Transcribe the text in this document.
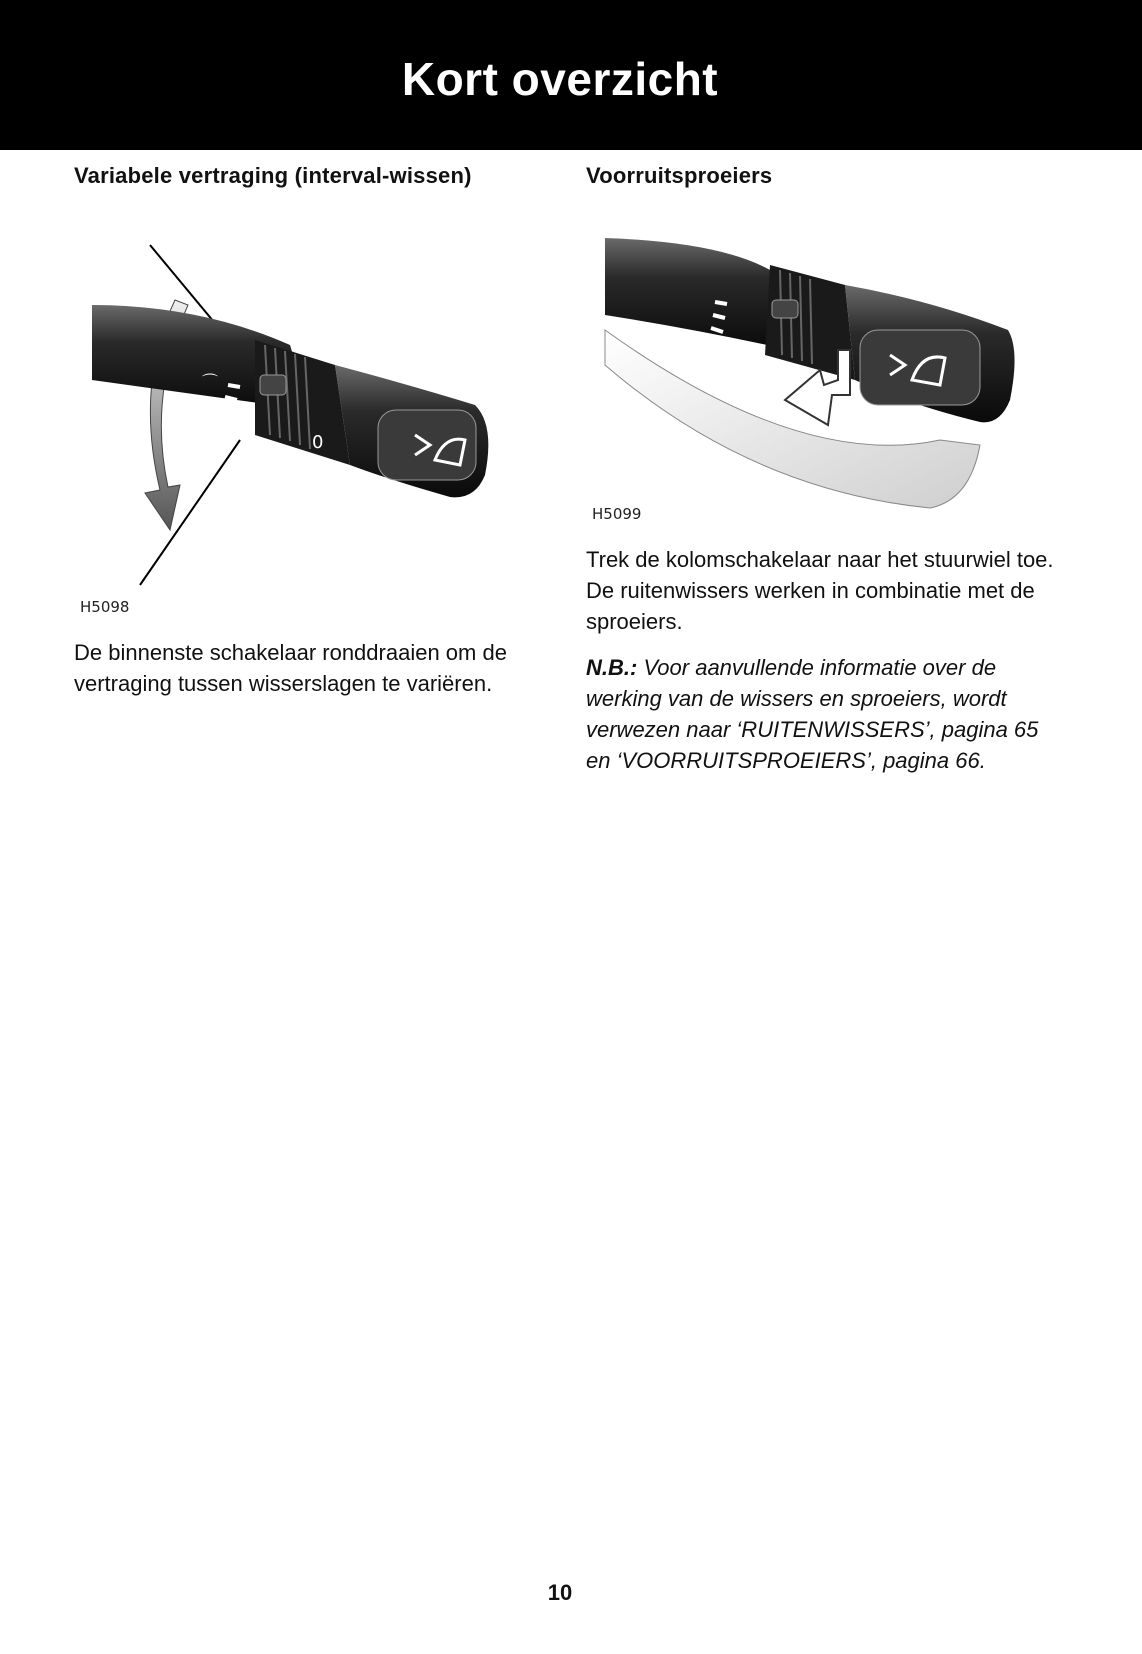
Kort overzicht
Variabele vertraging (interval-wissen)
0
⌒
H5098
De binnenste schakelaar ronddraaien om de vertraging tussen wisserslagen te variëren.
Voorruitsproeiers
H5099
Trek de kolomschakelaar naar het stuurwiel toe. De ruitenwissers werken in combinatie met de sproeiers.
N.B.: Voor aanvullende informatie over de werking van de wissers en sproeiers, wordt verwezen naar ‘RUITENWISSERS’, pagina 65 en ‘VOORRUITSPROEIERS’, pagina 66.
10
